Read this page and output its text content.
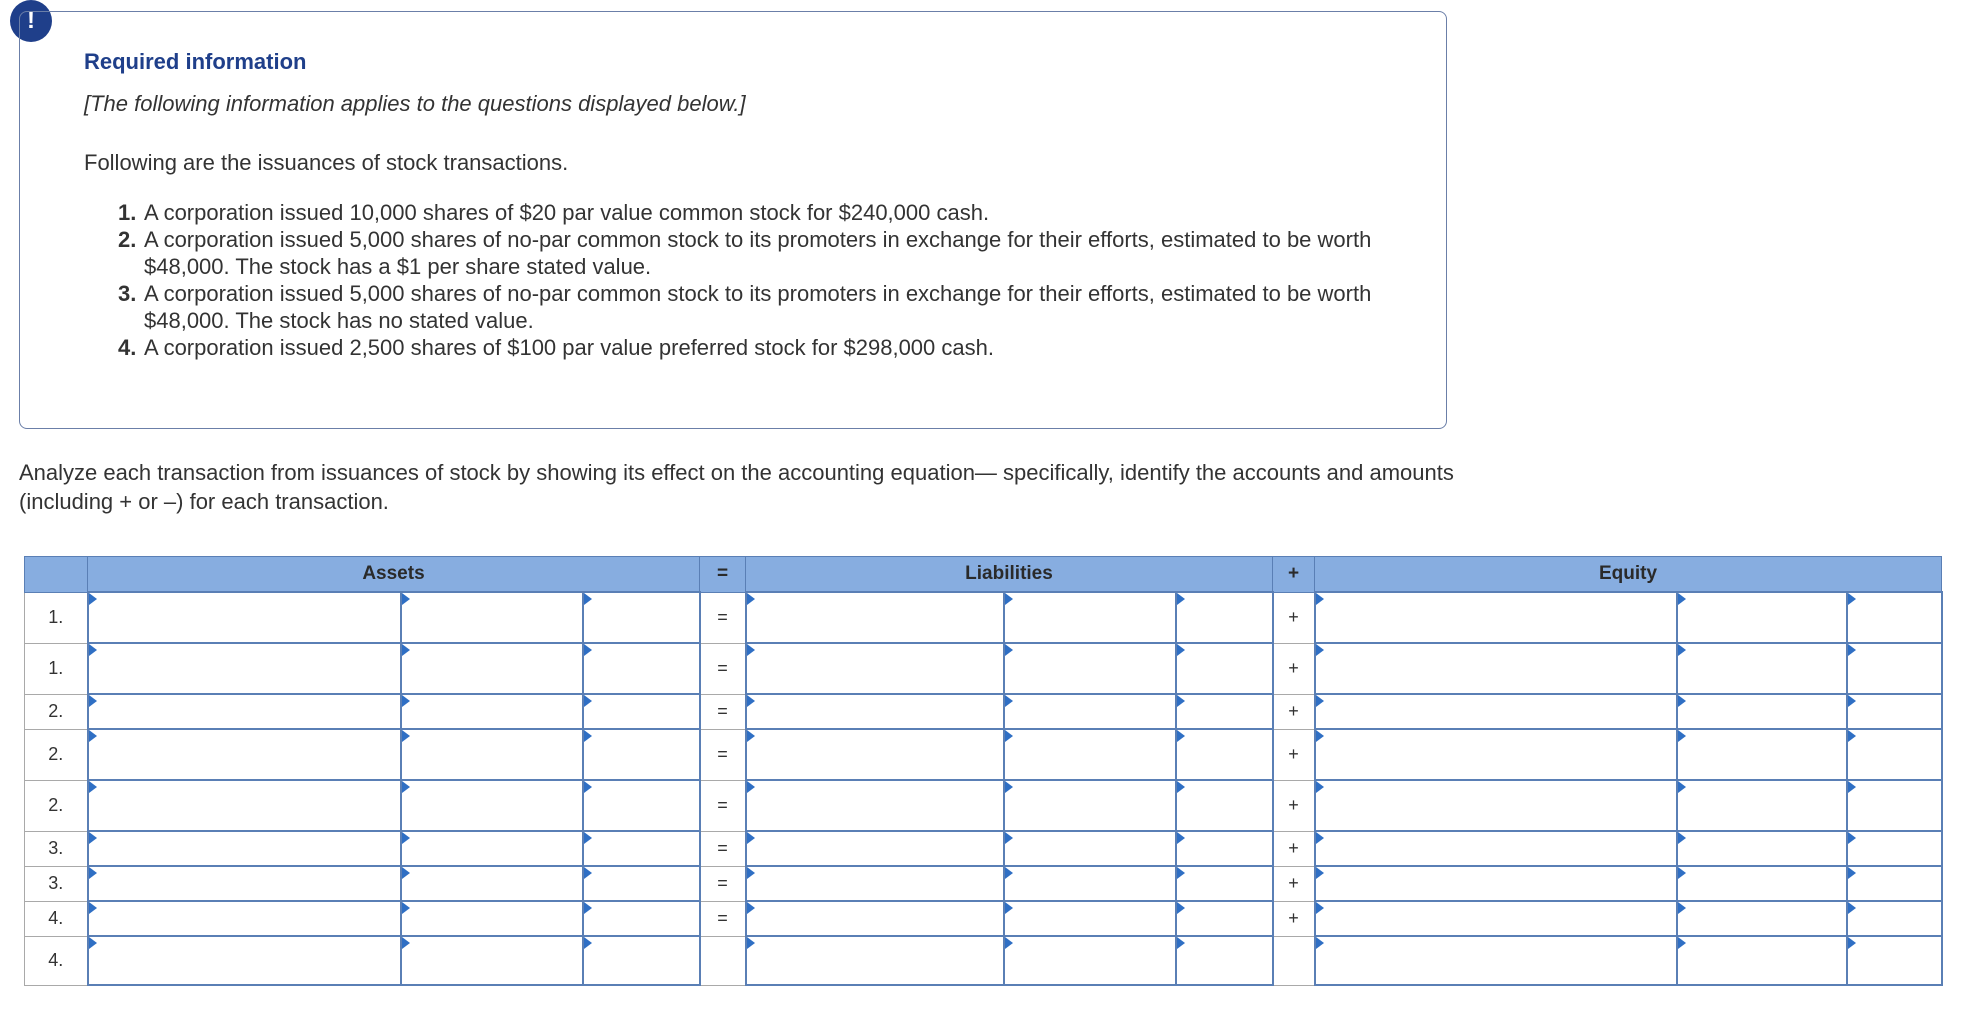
!
Required information
[The following information applies to the questions displayed below.]
Following are the issuances of stock transactions.
1. A corporation issued 10,000 shares of $20 par value common stock for $240,000 cash.
2. A corporation issued 5,000 shares of no-par common stock to its promoters in exchange for their efforts, estimated to be worth $48,000. The stock has a $1 per share stated value.
3. A corporation issued 5,000 shares of no-par common stock to its promoters in exchange for their efforts, estimated to be worth $48,000. The stock has no stated value.
4. A corporation issued 2,500 shares of $100 par value preferred stock for $298,000 cash.
Analyze each transaction from issuances of stock by showing its effect on the accounting equation— specifically, identify the accounts and amounts (including + or –) for each transaction.
	Assets			=	Liabilities			+	Equity		
1.				=				+			
1.				=				+			
2.				=				+			
2.				=				+			
2.				=				+			
3.				=				+			
3.				=				+			
4.				=				+			
4.											
